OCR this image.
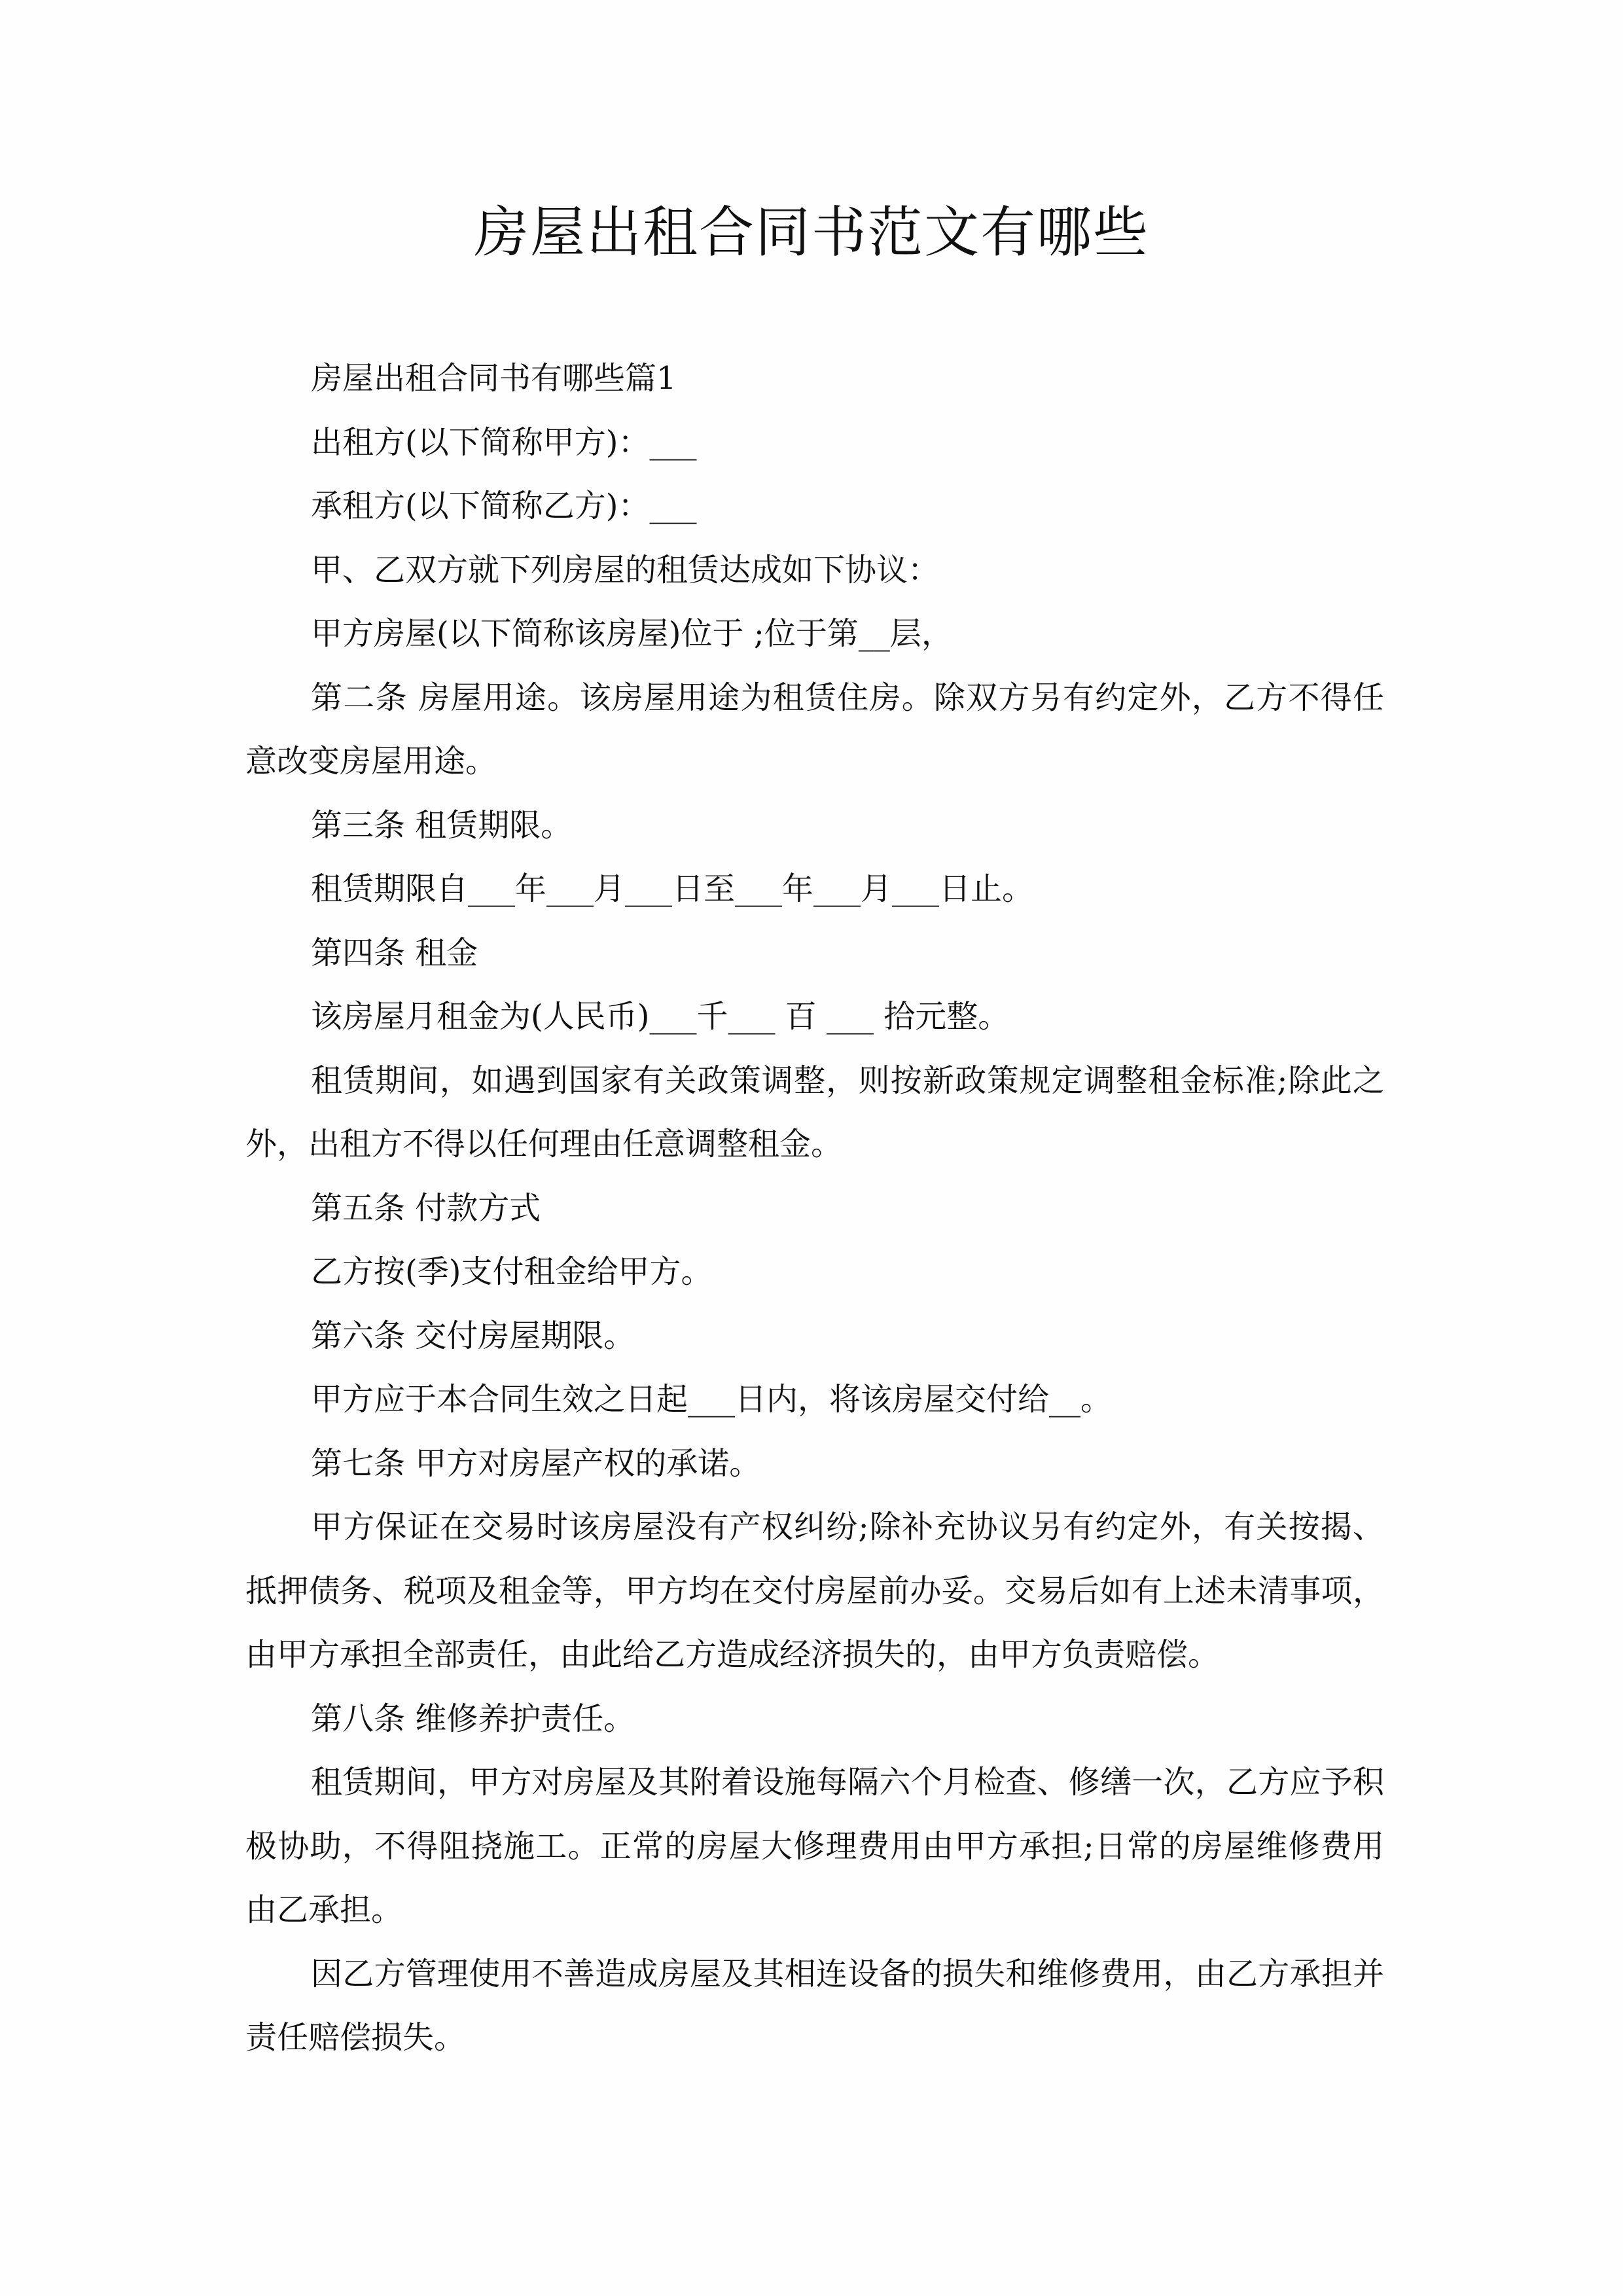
房屋出租合同书范文有哪些

房屋出租合同书有哪些篇1

出租方(以下简称甲方)：___

承租方(以下简称乙方)：___

甲、乙双方就下列房屋的租赁达成如下协议：

甲方房屋(以下简称该房屋)位于 ;位于第__层，

第二条 房屋用途。该房屋用途为租赁住房。除双方另有约定外，乙方不得任意改变房屋用途。

第三条 租赁期限。

租赁期限自___年___月___日至___年___月___日止。

第四条 租金

该房屋月租金为(人民币)___千___ 百 ___ 拾元整。

租赁期间，如遇到国家有关政策调整，则按新政策规定调整租金标准;除此之外，出租方不得以任何理由任意调整租金。

第五条 付款方式

乙方按(季)支付租金给甲方。

第六条 交付房屋期限。

甲方应于本合同生效之日起___日内，将该房屋交付给__。

第七条 甲方对房屋产权的承诺。

甲方保证在交易时该房屋没有产权纠纷;除补充协议另有约定外，有关按揭、抵押债务、税项及租金等，甲方均在交付房屋前办妥。交易后如有上述未清事项，由甲方承担全部责任，由此给乙方造成经济损失的，由甲方负责赔偿。

第八条 维修养护责任。

租赁期间，甲方对房屋及其附着设施每隔六个月检查、修缮一次，乙方应予积极协助，不得阻挠施工。正常的房屋大修理费用由甲方承担;日常的房屋维修费用由乙承担。

因乙方管理使用不善造成房屋及其相连设备的损失和维修费用，由乙方承担并责任赔偿损失。
